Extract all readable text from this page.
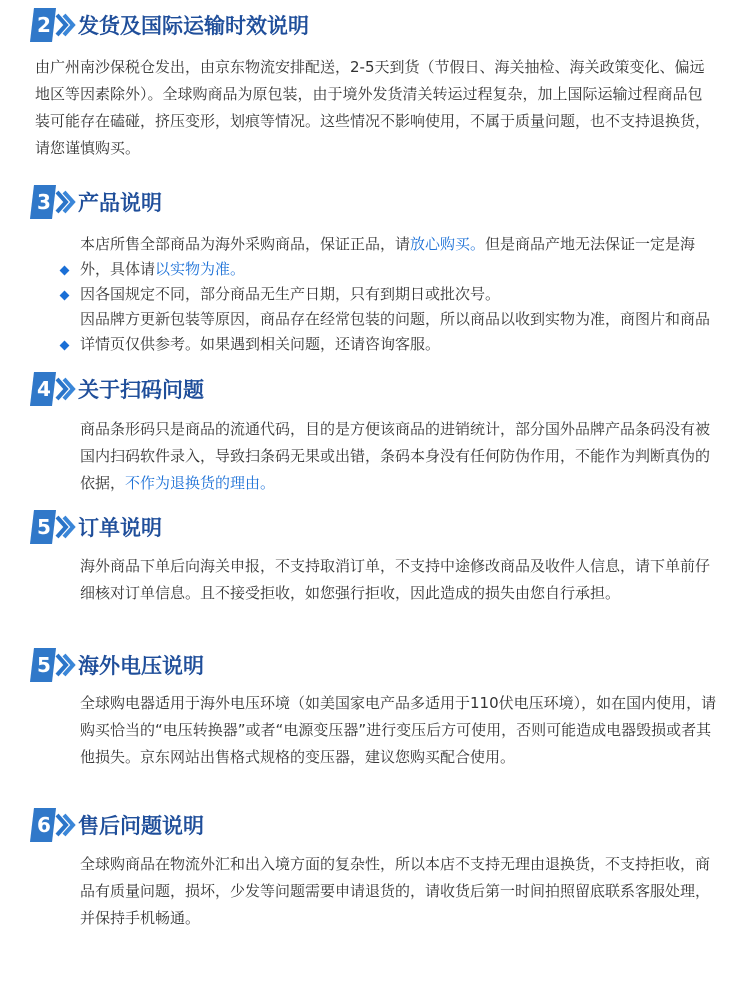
2	发货及国际运输时效说明
由广州南沙保税仓发出，由京东物流安排配送，2-5天到货（节假日、海关抽检、海关政策变化、偏远地区等因素除外）。全球购商品为原包装，由于境外发货清关转运过程复杂，加上国际运输过程商品包装可能存在磕碰，挤压变形，划痕等情况。这些情况不影响使用，不属于质量问题，也不支持退换货，请您谨慎购买。
3	产品说明
本店所售全部商品为海外采购商品，保证正品，请放心购买。但是商品产地无法保证一定是海外，具体请以实物为准。
因各国规定不同，部分商品无生产日期，只有到期日或批次号。
因品牌方更新包装等原因，商品存在经常包装的问题，所以商品以收到实物为准，商图片和商品详情页仅供参考。如果遇到相关问题，还请咨询客服。
4	关于扫码问题
商品条形码只是商品的流通代码，目的是方便该商品的进销统计，部分国外品牌产品条码没有被国内扫码软件录入，导致扫条码无果或出错，条码本身没有任何防伪作用，不能作为判断真伪的依据，不作为退换货的理由。
5	订单说明
海外商品下单后向海关申报，不支持取消订单，不支持中途修改商品及收件人信息，请下单前仔细核对订单信息。且不接受拒收，如您强行拒收，因此造成的损失由您自行承担。
5	海外电压说明
全球购电器适用于海外电压环境（如美国家电产品多适用于110伏电压环境），如在国内使用，请购买恰当的“电压转换器”或者“电源变压器”进行变压后方可使用，否则可能造成电器毁损或者其他损失。京东网站出售格式规格的变压器，建议您购买配合使用。
6	售后问题说明
全球购商品在物流外汇和出入境方面的复杂性，所以本店不支持无理由退换货，不支持拒收，商品有质量问题，损坏，少发等问题需要申请退货的，请收货后第一时间拍照留底联系客服处理，并保持手机畅通。
